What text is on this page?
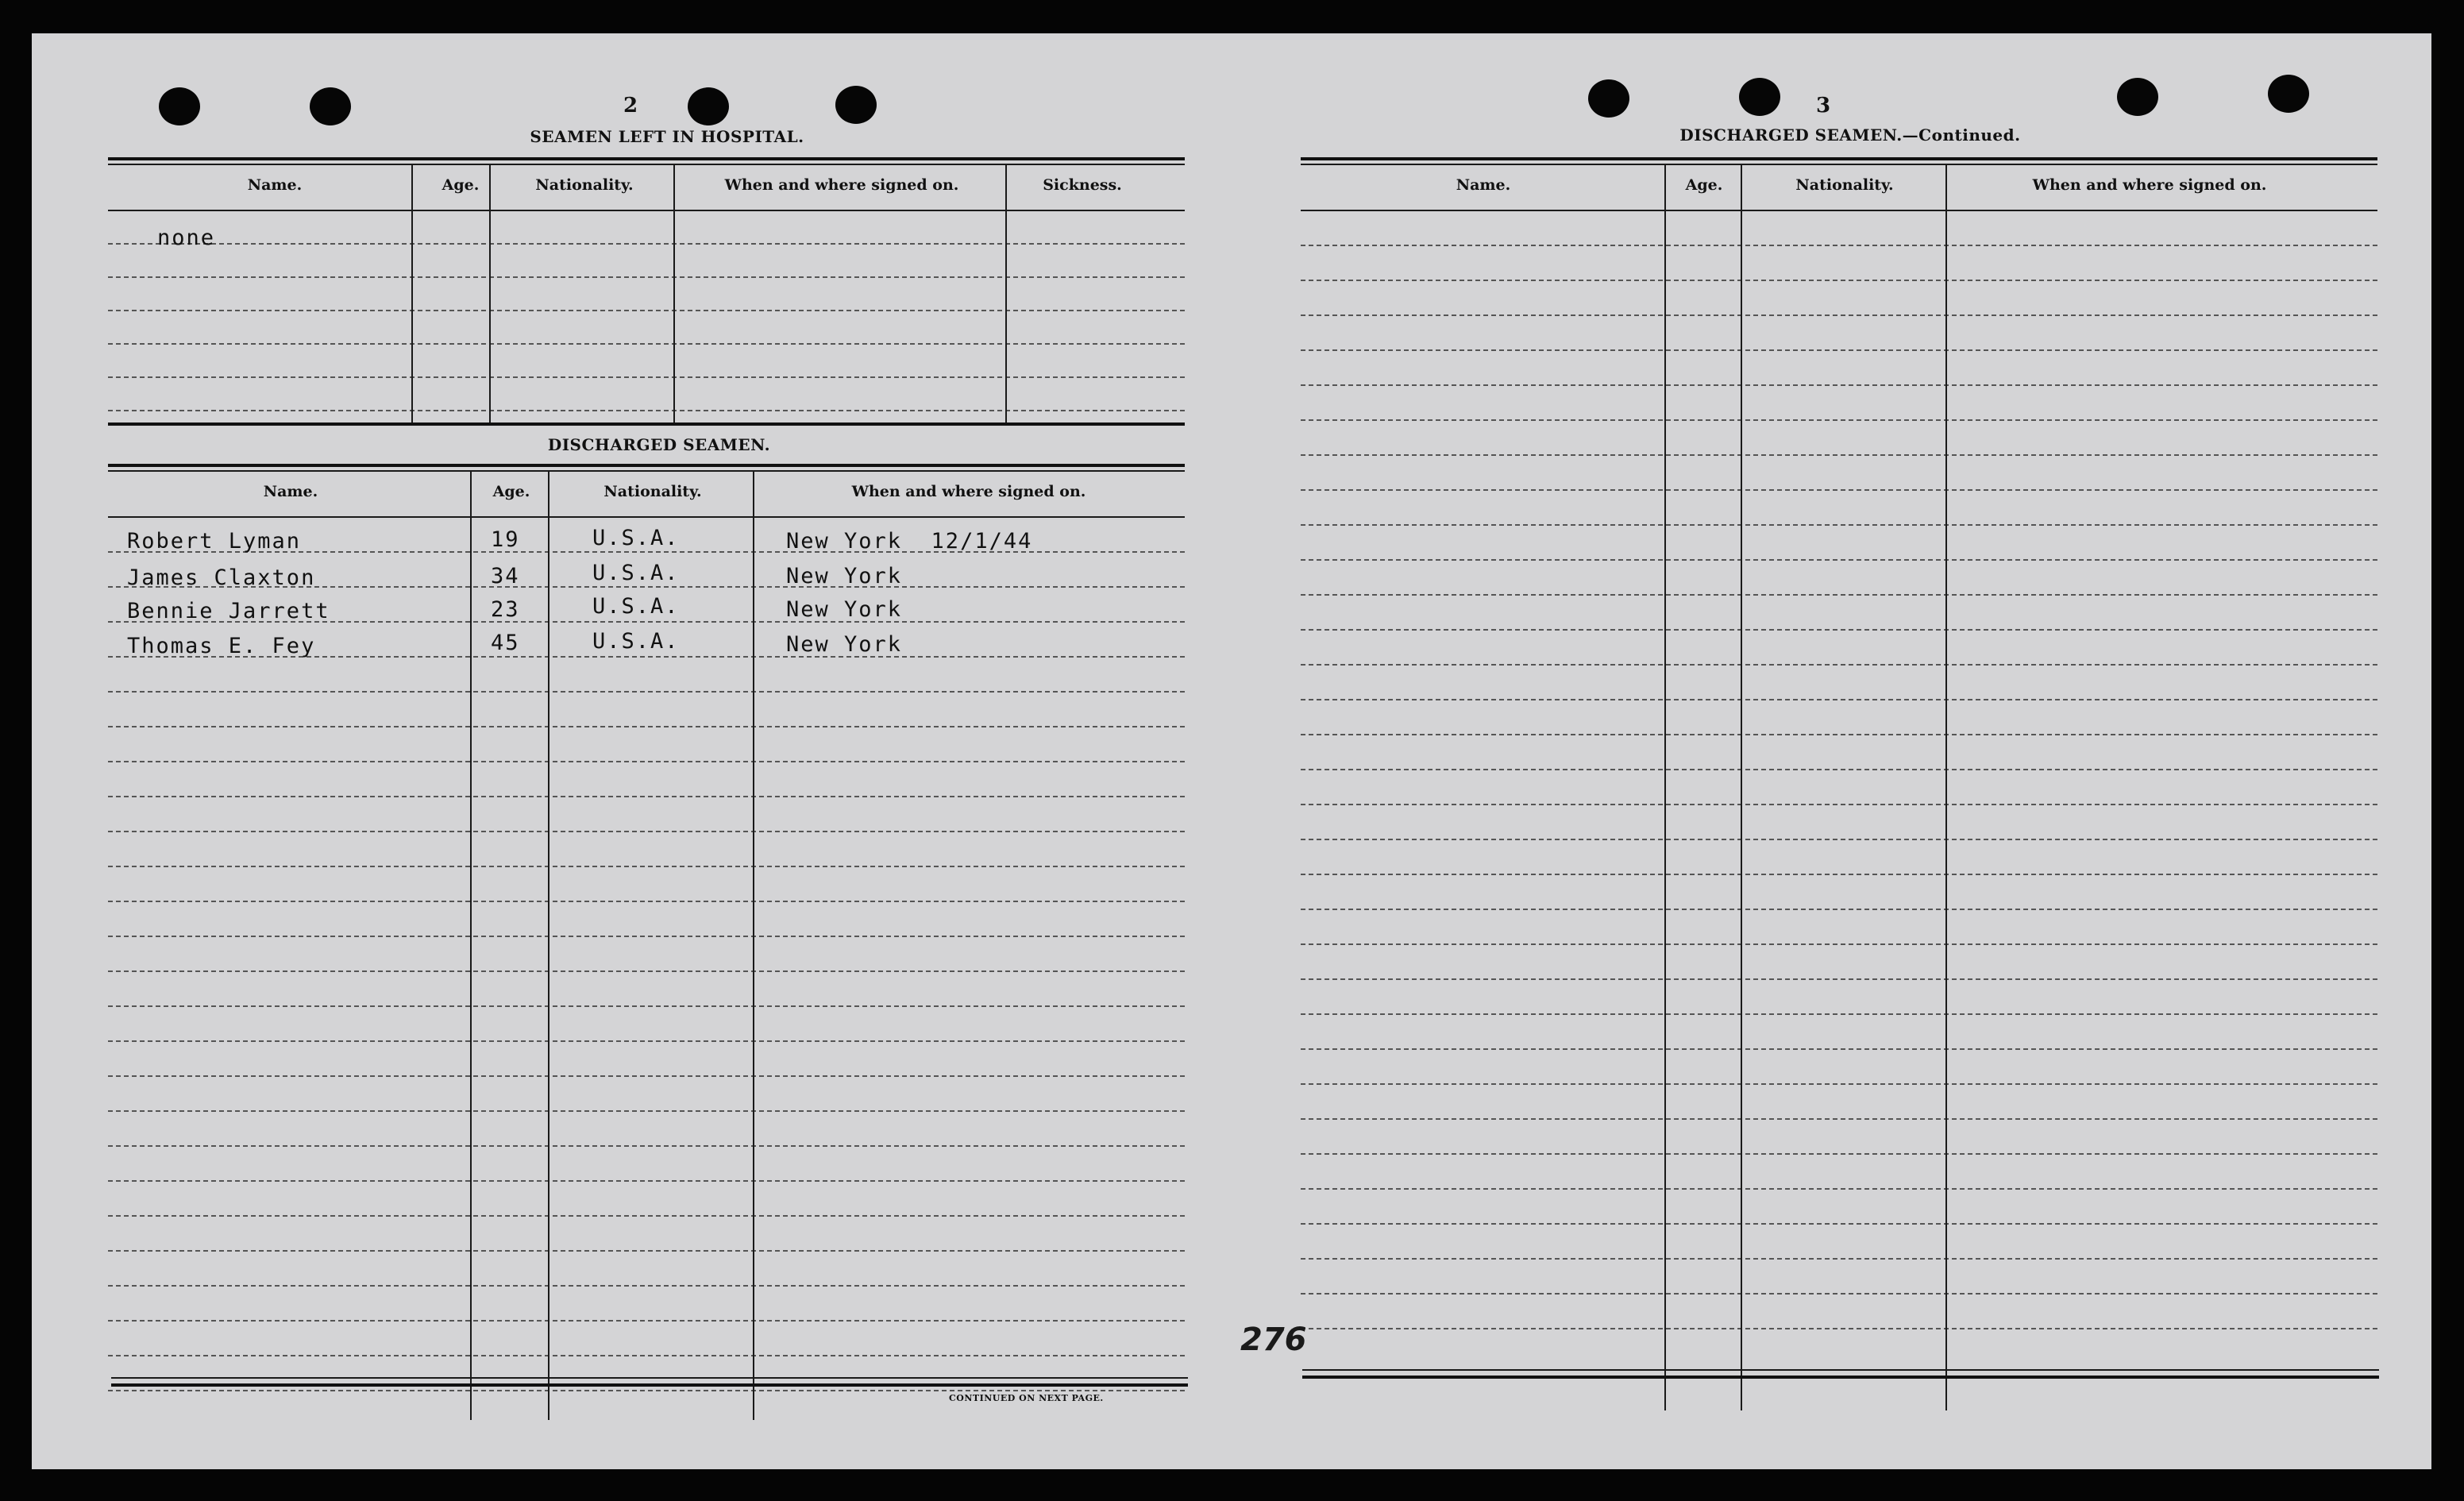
2
SEAMEN LEFT IN HOSPITAL.
Name.	Age.	Nationality.	When and where signed on.	Sickness.
none
DISCHARGED SEAMEN.
Name.	Age.	Nationality.	When and where signed on.
Robert Lyman	19	U.S.A.	New York  12/1/44
James Claxton	34	U.S.A.	New York
Bennie Jarrett	23	U.S.A.	New York
Thomas E. Fey	45	U.S.A.	New York
CONTINUED ON NEXT PAGE.
3
DISCHARGED SEAMEN.—Continued.
Name.	Age.	Nationality.	When and where signed on.
276
